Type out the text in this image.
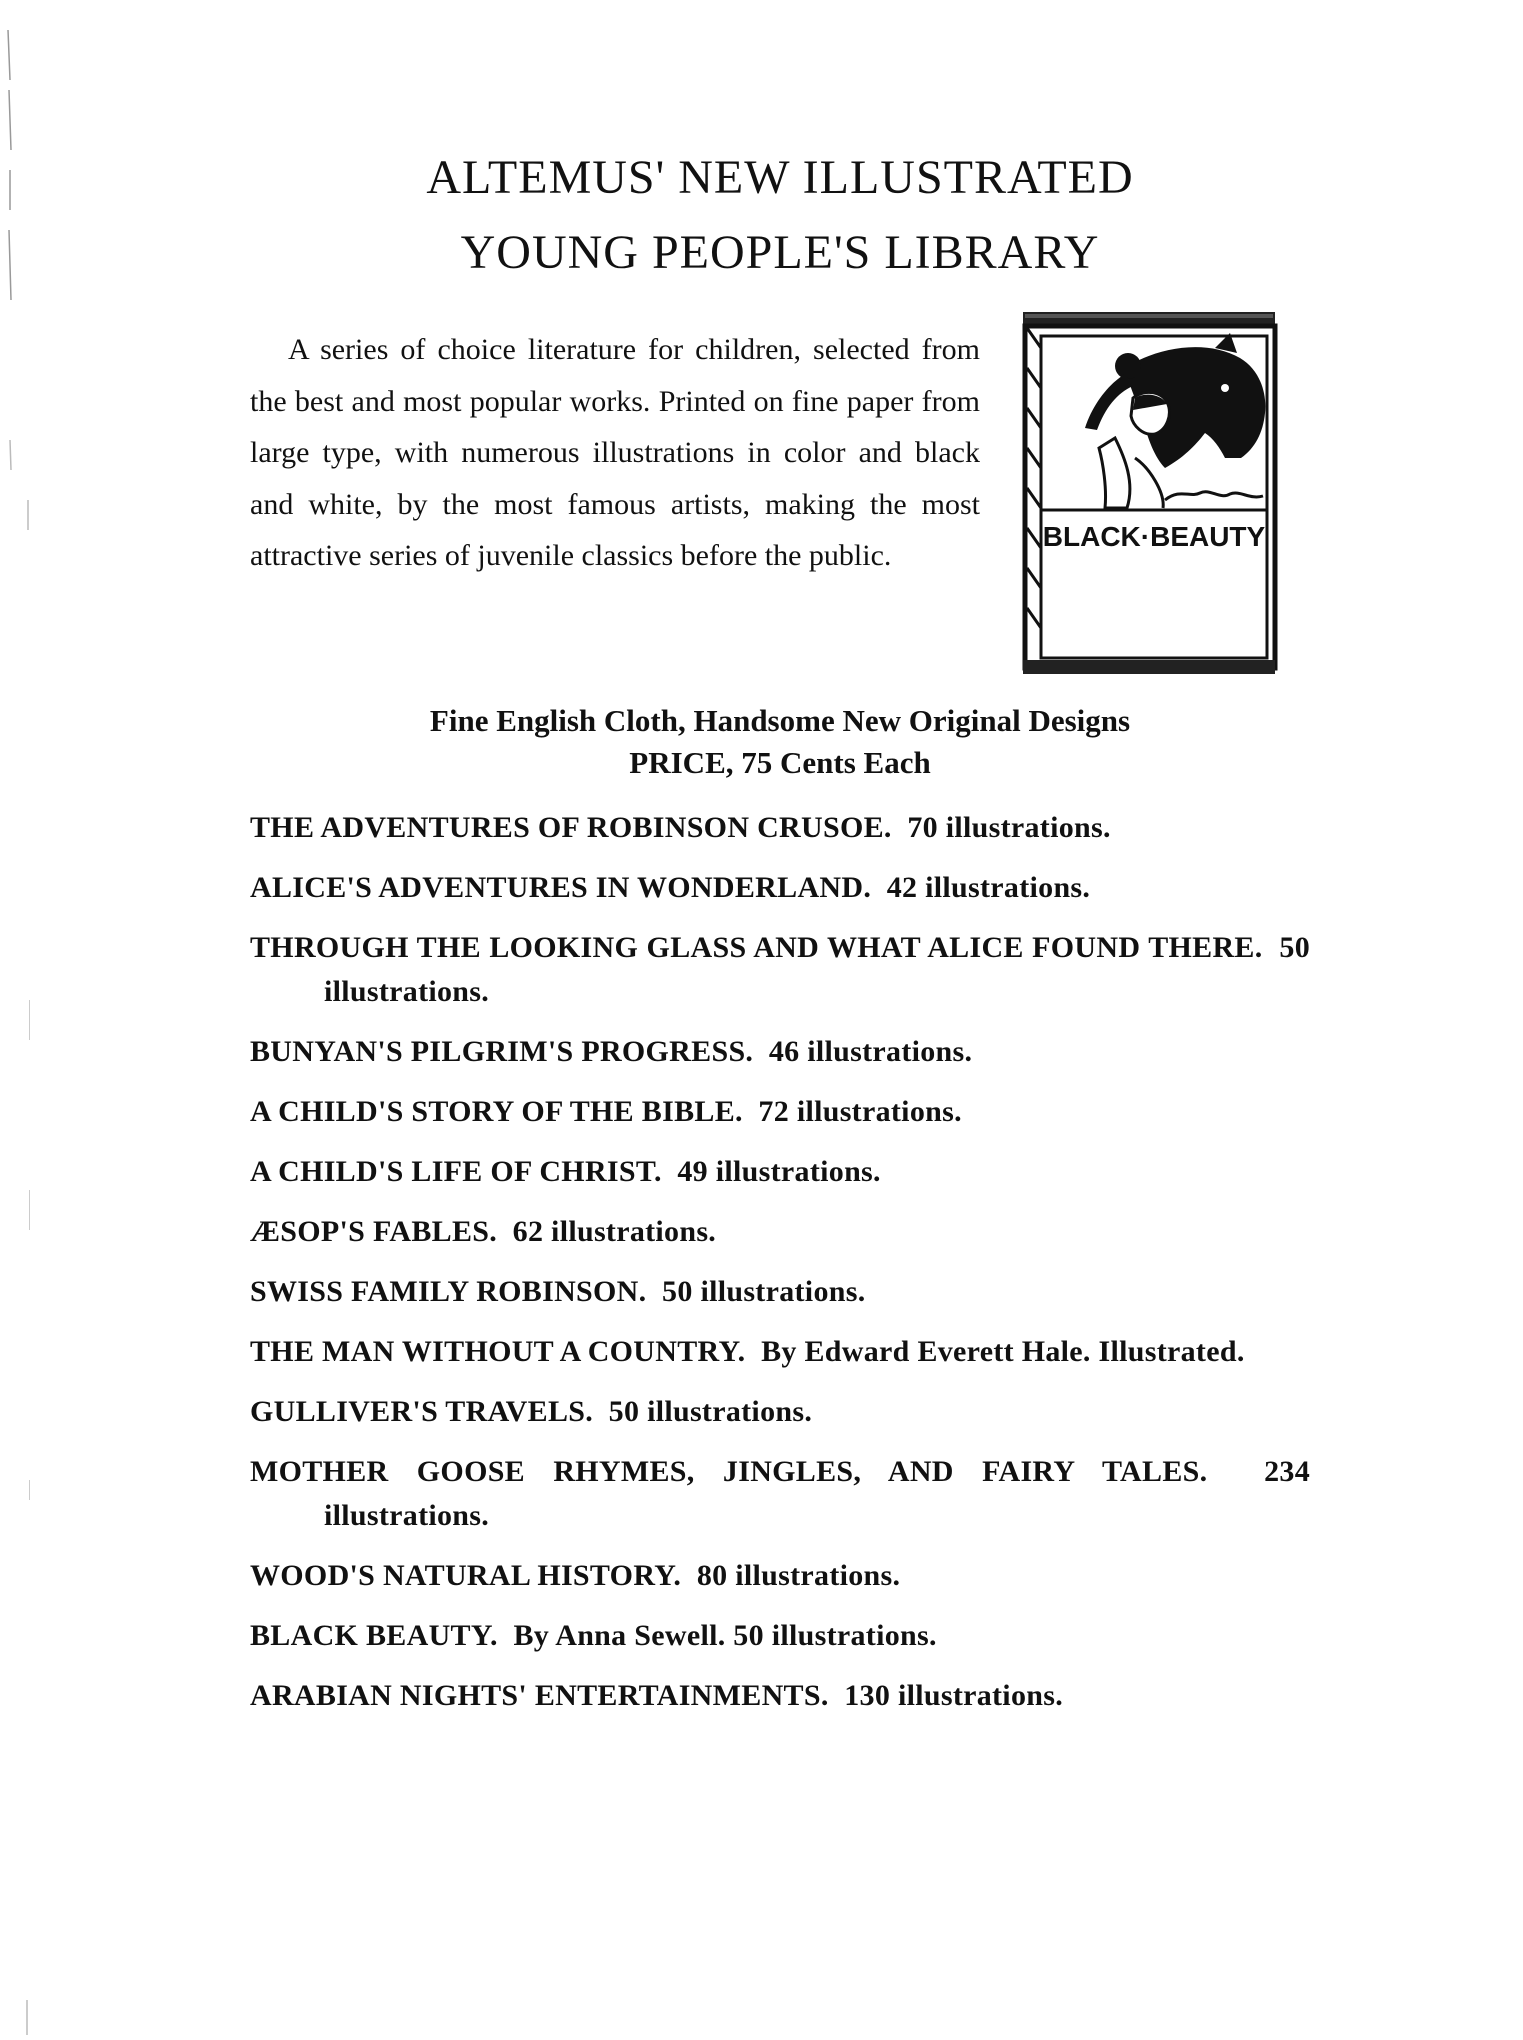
ALTEMUS' NEW ILLUSTRATED
YOUNG PEOPLE'S LIBRARY
A series of choice literature for children, selected from the best and most popular works. Printed on fine paper from large type, with numerous illustrations in color and black and white, by the most famous artists, making the most attractive series of juvenile classics before the public.
BLACK·BEAUTY
Fine English Cloth, Handsome New Original Designs
PRICE, 75 Cents Each
THE ADVENTURES OF ROBINSON CRUSOE. 70 illustrations.
ALICE'S ADVENTURES IN WONDERLAND. 42 illustrations.
THROUGH THE LOOKING GLASS AND WHAT ALICE FOUND THERE. 50 illustrations.
BUNYAN'S PILGRIM'S PROGRESS. 46 illustrations.
A CHILD'S STORY OF THE BIBLE. 72 illustrations.
A CHILD'S LIFE OF CHRIST. 49 illustrations.
ÆSOP'S FABLES. 62 illustrations.
SWISS FAMILY ROBINSON. 50 illustrations.
THE MAN WITHOUT A COUNTRY. By Edward Everett Hale. Illustrated.
GULLIVER'S TRAVELS. 50 illustrations.
MOTHER GOOSE RHYMES, JINGLES, AND FAIRY TALES. 234 illustrations.
WOOD'S NATURAL HISTORY. 80 illustrations.
BLACK BEAUTY. By Anna Sewell. 50 illustrations.
ARABIAN NIGHTS' ENTERTAINMENTS. 130 illustrations.
